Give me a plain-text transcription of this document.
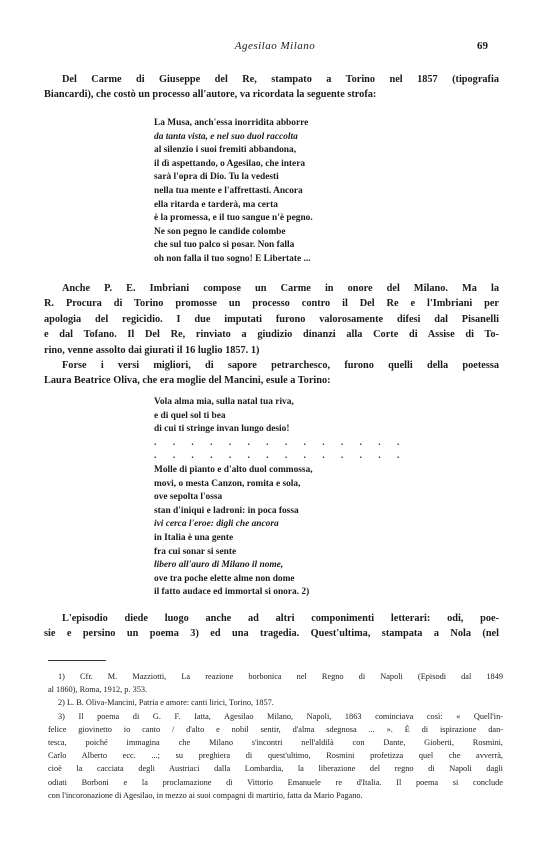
Agesilao Milano	69
Del Carme di Giuseppe del Re, stampato a Torino nel 1857 (tipografia
Biancardi), che costò un processo all'autore, va ricordata la seguente strofa:
La Musa, anch'essa inorridita abborre
da tanta vista, e nel suo duol raccolta
al silenzio i suoi fremiti abbandona,
il dì aspettando, o Agesilao, che intera
sarà l'opra di Dio. Tu la vedesti
nella tua mente e l'affrettasti. Ancora
ella ritarda e tarderà, ma certa
è la promessa, e il tuo sangue n'è pegno.
Ne son pegno le candide colombe
che sul tuo palco si posar. Non falla
oh non falla il tuo sogno! E Libertate ...
Anche P. E. Imbriani compose un Carme in onore del Milano. Ma la
R. Procura di Torino promosse un processo contro il Del Re e l'Imbriani per
apologia del regicidio. I due imputati furono valorosamente difesi dal Pisanelli
e dal Tofano. Il Del Re, rinviato a giudizio dinanzi alla Corte di Assise di To-
rino, venne assolto dai giurati il 16 luglio 1857. 1)
Forse i versi migliori, di sapore petrarchesco, furono quelli della poetessa
Laura Beatrice Oliva, che era moglie del Mancini, esule a Torino:
Vola alma mia, sulla natal tua riva,
e di quel sol ti bea
di cui ti stringe invan lungo desio!
. . . . . . . . . . . . . .
. . . . . . . . . . . . . .
Molle di pianto e d'alto duol commossa,
movi, o mesta Canzon, romita e sola,
ove sepolta l'ossa
stan d'iniqui e ladroni: in poca fossa
ivi cerca l'eroe: digli che ancora
in Italia è una gente
fra cui sonar si sente
libero all'auro di Milano il nome,
ove tra poche elette alme non dome
il fatto audace ed immortal si onora. 2)
L'episodio diede luogo anche ad altri componimenti letterari: odi, poe-
sie e persino un poema 3) ed una tragedia. Quest'ultima, stampata a Nola (nel
1) Cfr. M. Mazziotti, La reazione borbonica nel Regno di Napoli (Episodi dal 1849
al 1860), Roma, 1912, p. 353.
2) L. B. Oliva-Mancini, Patria e amore: canti lirici, Torino, 1857.
3) Il poema di G. F. Iatta, Agesilao Milano, Napoli, 1863 cominciava così: « Quell'in-
felice giovinetto io canto / d'alto e nobil sentir, d'alma sdegnosa ... ». È di ispirazione dan-
tesca, poiché immagina che Milano s'incontri nell'aldilà con Dante, Gioberti, Rosmini,
Carlo Alberto ecc. ...; su preghiera di quest'ultimo, Rosmini profetizza quel che avverrà,
cioè la cacciata degli Austriaci dalla Lombardia, la liberazione del regno di Napoli dagli
odiati Borboni e la proclamazione di Vittorio Emanuele re d'Italia. Il poema si conclude
con l'incoronazione di Agesilao, in mezzo ai suoi compagni di martirio, fatta da Mario Pagano.
